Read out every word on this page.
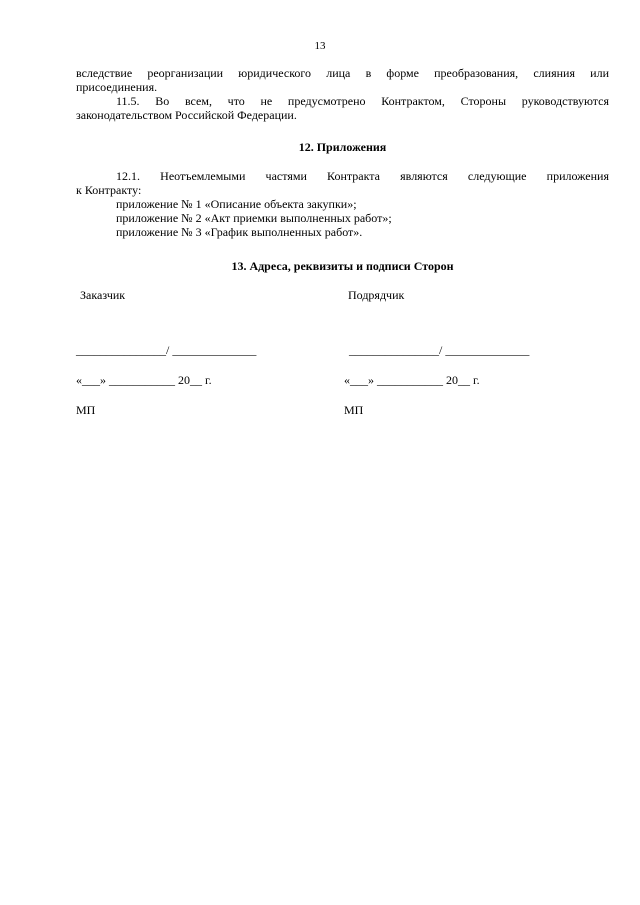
13
вследствие реорганизации юридического лица в форме преобразования, слияния или
присоединения.
11.5. Во всем, что не предусмотрено Контрактом, Стороны руководствуются
законодательством Российской Федерации.
12. Приложения
12.1. Неотъемлемыми частями Контракта являются следующие приложения
к Контракту:
приложение № 1 «Описание объекта закупки»;
приложение № 2 «Акт приемки выполненных работ»;
приложение № 3 «График выполненных работ».
13. Адреса, реквизиты и подписи Сторон
Заказчик
_______________/ ______________
«___» ___________ 20__ г.
МП
Подрядчик
_______________/ ______________
«___» ___________ 20__ г.
МП
